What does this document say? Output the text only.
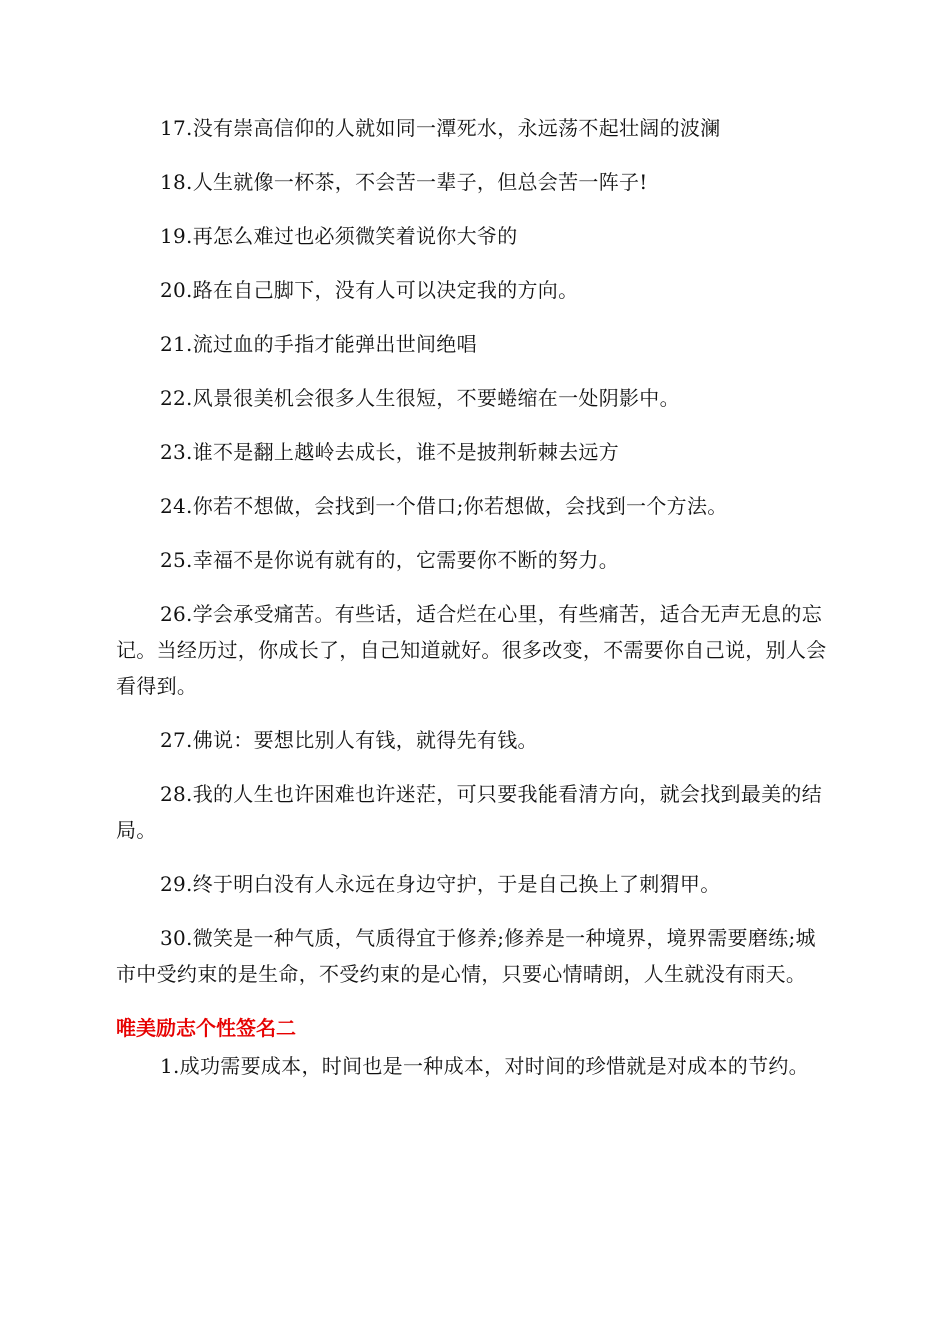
17.没有崇高信仰的人就如同一潭死水，永远荡不起壮阔的波澜

18.人生就像一杯茶，不会苦一辈子，但总会苦一阵子!

19.再怎么难过也必须微笑着说你大爷的

20.路在自己脚下，没有人可以决定我的方向。

21.流过血的手指才能弹出世间绝唱

22.风景很美机会很多人生很短，不要蜷缩在一处阴影中。

23.谁不是翻上越岭去成长，谁不是披荆斩棘去远方

24.你若不想做，会找到一个借口;你若想做，会找到一个方法。

25.幸福不是你说有就有的，它需要你不断的努力。

26.学会承受痛苦。有些话，适合烂在心里，有些痛苦，适合无声无息的忘记。当经历过，你成长了，自己知道就好。很多改变，不需要你自己说，别人会看得到。

27.佛说：要想比别人有钱，就得先有钱。

28.我的人生也许困难也许迷茫，可只要我能看清方向，就会找到最美的结局。

29.终于明白没有人永远在身边守护，于是自己换上了刺猬甲。

30.微笑是一种气质，气质得宜于修养;修养是一种境界，境界需要磨练;城市中受约束的是生命，不受约束的是心情，只要心情晴朗，人生就没有雨天。

唯美励志个性签名二

1.成功需要成本，时间也是一种成本，对时间的珍惜就是对成本的节约。
